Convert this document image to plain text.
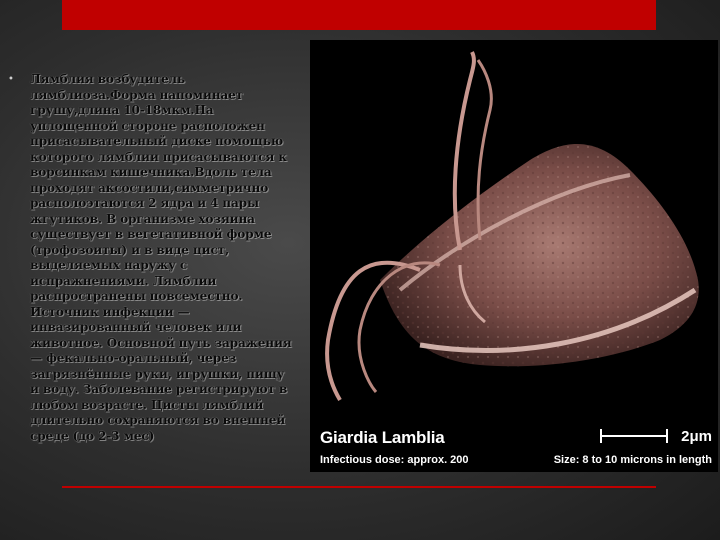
• Лямблия возбудитель лямблиоза.Форма напоминает грушу,длина 10-18мкм.На уплощенной стороне расположен присасывательный диске помощью которого лямблии присасываются к ворсинкам кишечника.Вдоль тела проходят аксостили,симметрично располоэтаются 2 ядра и 4 пары жгутиков. В организме хозяина существует в вегетативной форме (трофозоиты) и в виде цист, выделяемых наружу с испражнениями. Лямблии распространены повсеместно. Источник инфекции — инвазированный человек или животное. Основной путь заражения — фекально-оральный, через загрязнённые руки, игрушки, пищу и воду. Заболевание регистрируют в любом возрасте. Цисты лямблий длительно сохраняются во внешней среде (до 2-3 мес)	Giardia Lamblia	2μm
Infectious dose: approx. 200	Size: 8 to 10 microns in length
